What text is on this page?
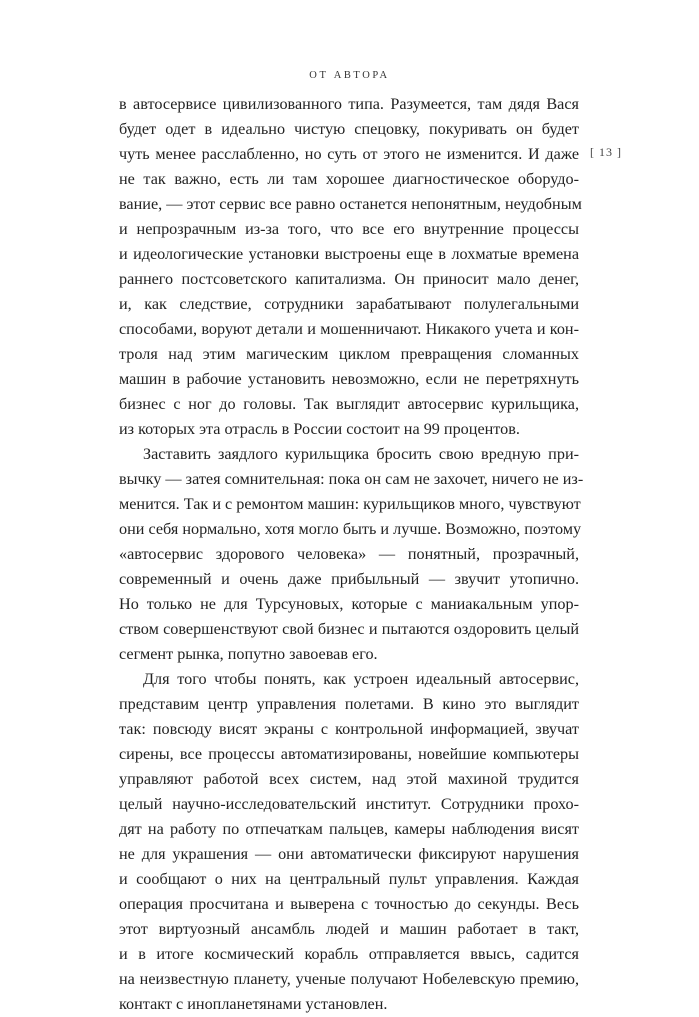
ОТ АВТОРА
[ 13 ]
в автосервисе цивилизованного типа. Разумеется, там дядя Вася
будет одет в идеально чистую спецовку, покуривать он будет
чуть менее расслабленно, но суть от этого не изменится. И даже
не так важно, есть ли там хорошее диагностическое оборудо-
вание, — этот сервис все равно останется непонятным, неудобным
и непрозрачным из-за того, что все его внутренние процессы
и идеологические установки выстроены еще в лохматые времена
раннего постсоветского капитализма. Он приносит мало денег,
и, как следствие, сотрудники зарабатывают полулегальными
способами, воруют детали и мошенничают. Никакого учета и кон-
троля над этим магическим циклом превращения сломанных
машин в рабочие установить невозможно, если не перетряхнуть
бизнес с ног до головы. Так выглядит автосервис курильщика,
из которых эта отрасль в России состоит на 99 процентов.
Заставить заядлого курильщика бросить свою вредную при-
вычку — затея сомнительная: пока он сам не захочет, ничего не из-
менится. Так и с ремонтом машин: курильщиков много, чувствуют
они себя нормально, хотя могло быть и лучше. Возможно, поэтому
«автосервис здорового человека» — понятный, прозрачный,
современный и очень даже прибыльный — звучит утопично.
Но только не для Турсуновых, которые с маниакальным упор-
ством совершенствуют свой бизнес и пытаются оздоровить целый
сегмент рынка, попутно завоевав его.
Для того чтобы понять, как устроен идеальный автосервис,
представим центр управления полетами. В кино это выглядит
так: повсюду висят экраны с контрольной информацией, звучат
сирены, все процессы автоматизированы, новейшие компьютеры
управляют работой всех систем, над этой махиной трудится
целый научно-исследовательский институт. Сотрудники прохо-
дят на работу по отпечаткам пальцев, камеры наблюдения висят
не для украшения — они автоматически фиксируют нарушения
и сообщают о них на центральный пульт управления. Каждая
операция просчитана и выверена с точностью до секунды. Весь
этот виртуозный ансамбль людей и машин работает в такт,
и в итоге космический корабль отправляется ввысь, садится
на неизвестную планету, ученые получают Нобелевскую премию,
контакт с инопланетянами установлен.
